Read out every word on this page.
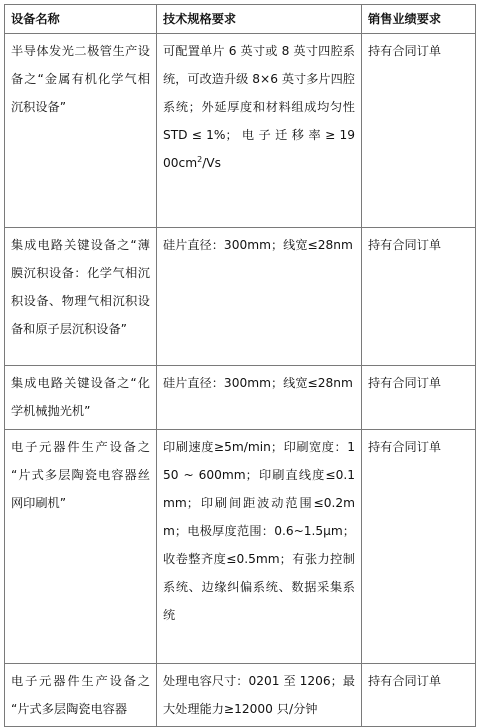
设备名称	技术规格要求	销售业绩要求
半导体发光二极管生产设备之“金属有机化学气相沉积设备”	可配置单片 6 英寸或 8 英寸四腔系统，可改造升级 8×6 英寸多片四腔系统；外延厚度和材料组成均匀性 STD ≤ 1%； 电 子 迁 移 率 ≥ $1900cm^2/Vs$	持有合同订单
集成电路关键设备之“薄膜沉积设备：化学气相沉积设备、物理气相沉积设备和原子层沉积设备”	硅片直径：300mm；线宽≤28nm	持有合同订单
集成电路关键设备之“化学机械抛光机”	硅片直径：300mm；线宽≤28nm	持有合同订单
电子元器件生产设备之 “片式多层陶瓷电容器丝网印刷机”	印刷速度≥5m/min；印刷宽度：150 ~ 600mm；印刷直线度≤0.1mm；印刷间距波动范围≤0.2mm；电极厚度范围：0.6~1.5μm；收卷整齐度≤0.5mm；有张力控制系统、边缘纠偏系统、数据采集系统	持有合同订单
电子元器件生产设备之 “片式多层陶瓷电容器	处理电容尺寸：0201 至 1206；最大处理能力≥12000 只/分钟	持有合同订单
